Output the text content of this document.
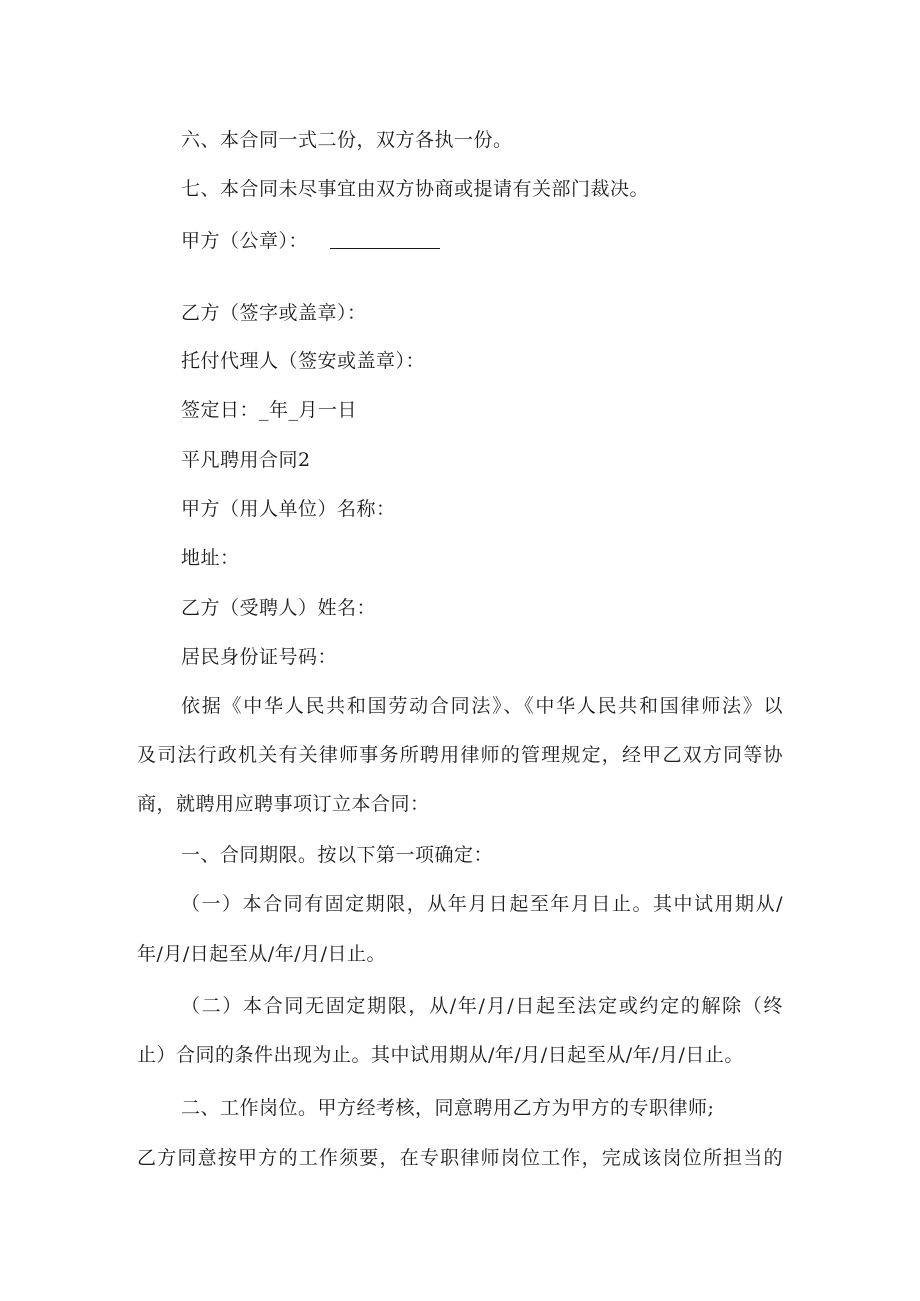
六、本合同一式二份，双方各执一份。
七、本合同未尽事宜由双方协商或提请有关部门裁决。
甲方（公章）：
乙方（签字或盖章）：
托付代理人（签安或盖章）：
签定日：_年_月一日
平凡聘用合同2
甲方（用人单位）名称：
地址：
乙方（受聘人）姓名：
居民身份证号码：
依据《中华人民共和国劳动合同法》、《中华人民共和国律师法》以
及司法行政机关有关律师事务所聘用律师的管理规定，经甲乙双方同等协
商，就聘用应聘事项订立本合同：
一、合同期限。按以下第一项确定：
（一）本合同有固定期限，从年月日起至年月日止。其中试用期从/
年/月/日起至从/年/月/日止。
（二）本合同无固定期限，从/年/月/日起至法定或约定的解除（终
止）合同的条件出现为止。其中试用期从/年/月/日起至从/年/月/日止。
二、工作岗位。甲方经考核，同意聘用乙方为甲方的专职律师;
乙方同意按甲方的工作须要，在专职律师岗位工作，完成该岗位所担当的
